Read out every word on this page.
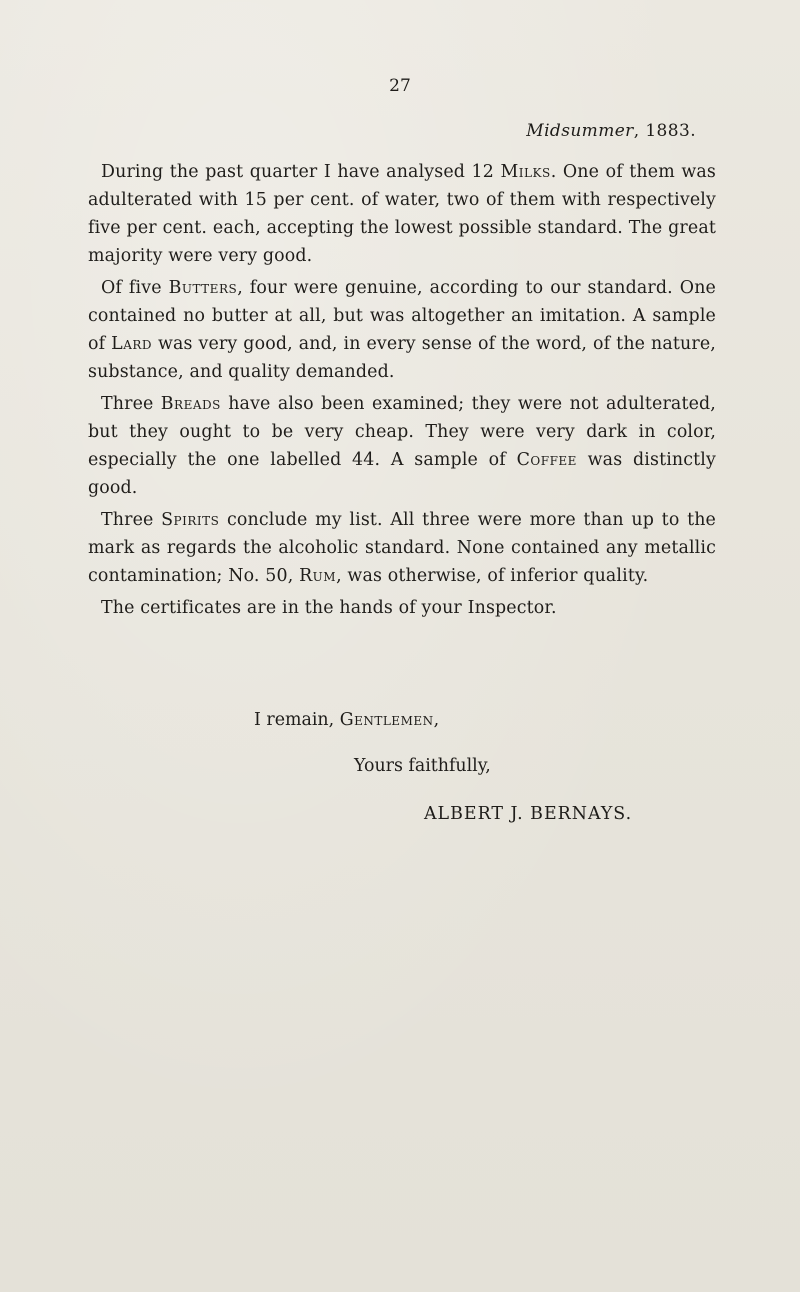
27
Midsummer, 1883.

During the past quarter I have analysed 12 Milks. One of them was adulterated with 15 per cent. of water, two of them with respectively five per cent. each, accepting the lowest possible standard. The great majority were very good.

Of five Butters, four were genuine, according to our standard. One contained no butter at all, but was altogether an imitation. A sample of Lard was very good, and, in every sense of the word, of the nature, substance, and quality demanded.

Three Breads have also been examined; they were not adulterated, but they ought to be very cheap. They were very dark in color, especially the one labelled 44. A sample of Coffee was distinctly good.

Three Spirits conclude my list. All three were more than up to the mark as regards the alcoholic standard. None contained any metallic contamination; No. 50, Rum, was otherwise, of inferior quality.

The certificates are in the hands of your Inspector.

I remain, Gentlemen,
Yours faithfully,
ALBERT J. BERNAYS.
